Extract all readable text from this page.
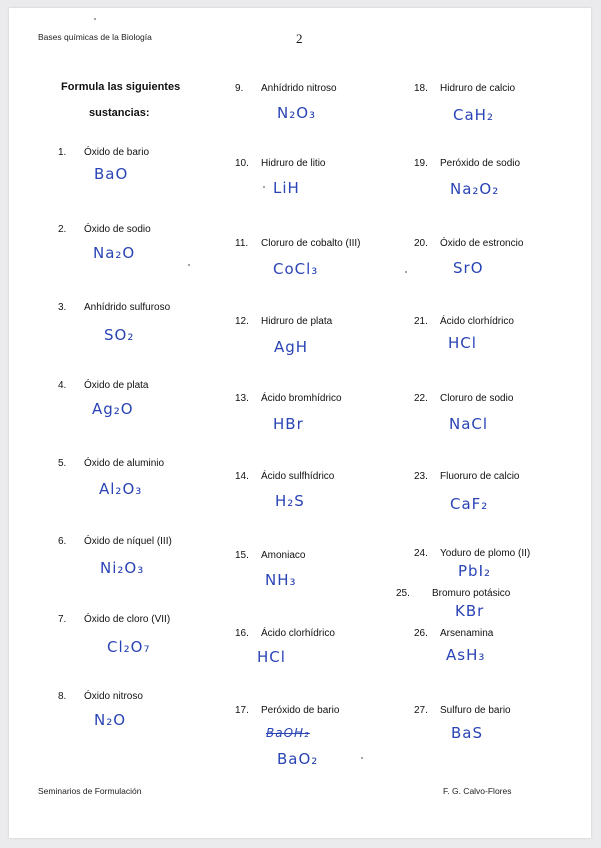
Bases químicas de la Biología	2
Formula las siguientes
sustancias:
1. Óxido de bario
BaO
2. Óxido de sodio
Na₂O
3. Anhídrido sulfuroso
SO₂
4. Óxido de plata
Ag₂O
5. Óxido de aluminio
Al₂O₃
6. Óxido de níquel (III)
Ni₂O₃
7. Óxido de cloro (VII)
Cl₂O₇
8. Óxido nitroso
N₂O
9. Anhídrido nitroso
N₂O₃
10. Hidruro de litio
LiH
11. Cloruro de cobalto (III)
CoCl₃
12. Hidruro de plata
AgH
13. Ácido bromhídrico
HBr
14. Ácido sulfhídrico
H₂S
15. Amoniaco
NH₃
16. Ácido clorhídrico
HCl
17. Peróxido de bario
BaOH₂
BaO₂
18. Hidruro de calcio
CaH₂
19. Peróxido de sodio
Na₂O₂
20. Óxido de estroncio
SrO
21. Ácido clorhídrico
HCl
22. Cloruro de sodio
NaCl
23. Fluoruro de calcio
CaF₂
24. Yoduro de plomo (II)
PbI₂
25. Bromuro potásico
KBr
26. Arsenamina
AsH₃
27. Sulfuro de bario
BaS
Seminarios de Formulación	F. G. Calvo-Flores
